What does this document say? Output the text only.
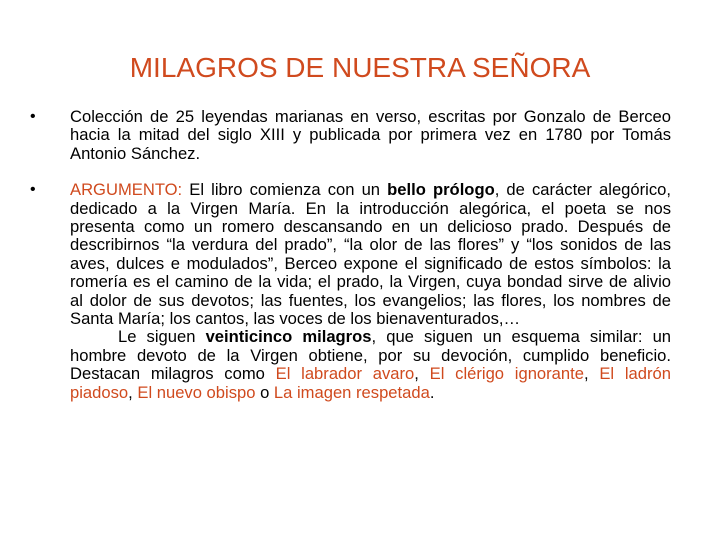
MILAGROS DE NUESTRA SEÑORA
•	Colección de 25 leyendas marianas en verso, escritas por Gonzalo de Berceo hacia la mitad del siglo XIII y publicada por primera vez en 1780 por Tomás Antonio Sánchez.
•	ARGUMENTO: El libro comienza con un bello prólogo, de carácter alegórico, dedicado a la Virgen María. En la introducción alegórica, el poeta se nos presenta como un romero descansando en un delicioso prado. Después de describirnos “la verdura del prado”, “la olor de las flores” y “los sonidos de las aves, dulces e modulados”, Berceo expone el significado de estos símbolos: la romería es el camino de la vida; el prado, la Virgen, cuya bondad sirve de alivio al dolor de sus devotos; las fuentes, los evangelios; las flores, los nombres de Santa María; los cantos, las voces de los bienaventurados,…
Le siguen veinticinco milagros, que siguen un esquema similar: un hombre devoto de la Virgen obtiene, por su devoción, cumplido beneficio. Destacan milagros como El labrador avaro, El clérigo ignorante, El ladrón piadoso, El nuevo obispo o La imagen respetada.
